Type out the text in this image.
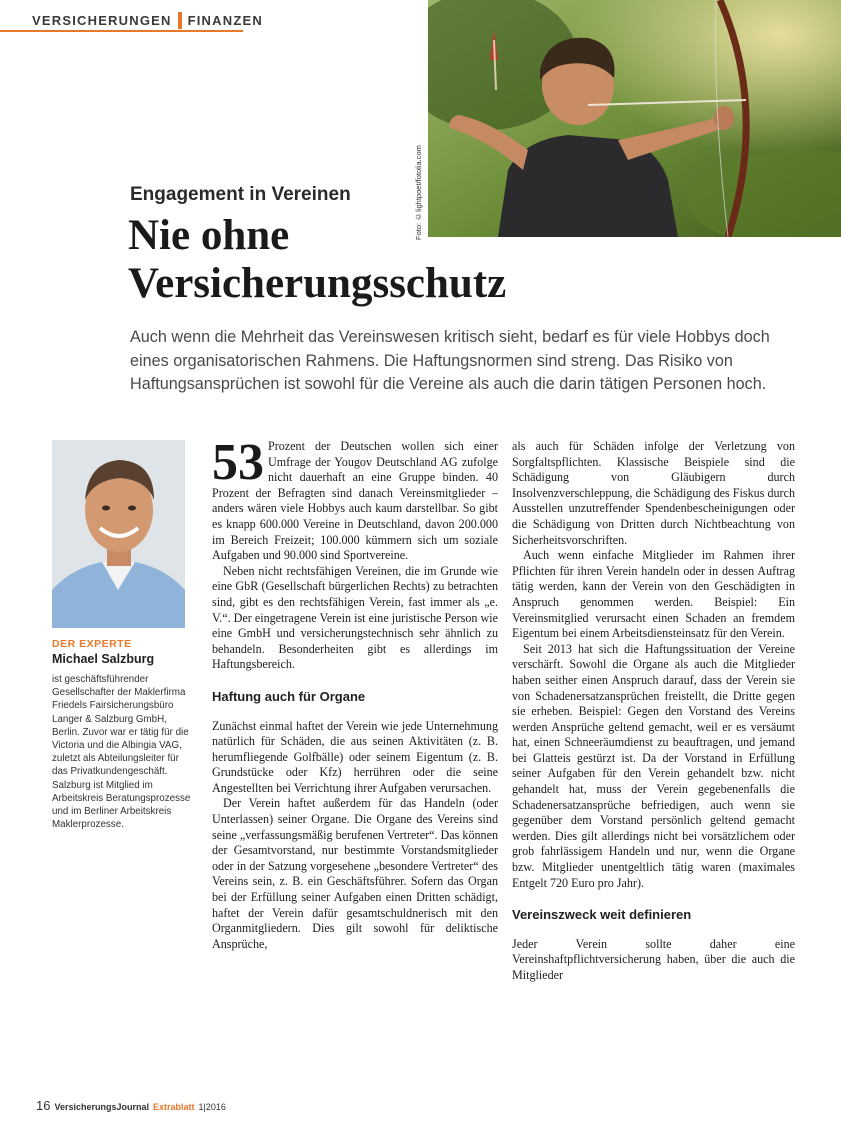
VERSICHERUNGEN FINANZEN
Foto: ©lightpoet/fotolia.com
Engagement in Vereinen
Nie ohne
Versicherungsschutz
Auch wenn die Mehrheit das Vereinswesen kritisch sieht, bedarf es für viele Hobbys doch eines organisatorischen Rahmens. Die Haftungsnormen sind streng. Das Risiko von Haftungsansprüchen ist sowohl für die Vereine als auch die darin tätigen Personen hoch.
DER EXPERTE
Michael Salzburg

ist geschäftsführender Gesellschafter der Maklerfirma Friedels Fairsicherungsbüro Langer & Salzburg GmbH, Berlin. Zuvor war er tätig für die Victoria und die Albingia VAG, zuletzt als Abteilungsleiter für das Privatkundengeschäft. Salzburg ist Mitglied im Arbeitskreis Beratungsprozesse und im Berliner Arbeitskreis Maklerprozesse.

53 Prozent der Deutschen wollen sich einer Umfrage der Yougov Deutschland AG zufolge nicht dauerhaft an eine Gruppe binden. 40 Prozent der Befragten sind danach Vereinsmitglieder – anders wären viele Hobbys auch kaum darstellbar. So gibt es knapp 600.000 Vereine in Deutschland, davon 200.000 im Bereich Freizeit; 100.000 kümmern sich um soziale Aufgaben und 90.000 sind Sportvereine.

Neben nicht rechtsfähigen Vereinen, die im Grunde wie eine GbR (Gesellschaft bürgerlichen Rechts) zu betrachten sind, gibt es den rechtsfähigen Verein, fast immer als „e. V.“. Der eingetragene Verein ist eine juristische Person wie eine GmbH und versicherungstechnisch sehr ähnlich zu behandeln. Besonderheiten gibt es allerdings im Haftungsbereich.

Haftung auch für Organe

Zunächst einmal haftet der Verein wie jede Unternehmung natürlich für Schäden, die aus seinen Aktivitäten (z. B. herumfliegende Golfbälle) oder seinem Eigentum (z. B. Grundstücke oder Kfz) herrühren oder die seine Angestellten bei Verrichtung ihrer Aufgaben verursachen.

Der Verein haftet außerdem für das Handeln (oder Unterlassen) seiner Organe. Die Organe des Vereins sind seine „verfassungsmäßig berufenen Vertreter“. Das können der Gesamtvorstand, nur bestimmte Vorstandsmitglieder oder in der Satzung vorgesehene „besondere Vertreter“ des Vereins sein, z. B. ein Geschäftsführer. Sofern das Organ bei der Erfüllung seiner Aufgaben einen Dritten schädigt, haftet der Verein dafür gesamtschuldnerisch mit den Organmitgliedern. Dies gilt sowohl für deliktische Ansprüche,

als auch für Schäden infolge der Verletzung von Sorgfaltspflichten. Klassische Beispiele sind die Schädigung von Gläubigern durch Insolvenzverschleppung, die Schädigung des Fiskus durch Ausstellen unzutreffender Spendenbescheinigungen oder die Schädigung von Dritten durch Nichtbeachtung von Sicherheitsvorschriften.

Auch wenn einfache Mitglieder im Rahmen ihrer Pflichten für ihren Verein handeln oder in dessen Auftrag tätig werden, kann der Verein von den Geschädigten in Anspruch genommen werden. Beispiel: Ein Vereinsmitglied verursacht einen Schaden an fremdem Eigentum bei einem Arbeitsdiensteinsatz für den Verein.

Seit 2013 hat sich die Haftungssituation der Vereine verschärft. Sowohl die Organe als auch die Mitglieder haben seither einen Anspruch darauf, dass der Verein sie von Schadenersatzansprüchen freistellt, die Dritte gegen sie erheben. Beispiel: Gegen den Vorstand des Vereins werden Ansprüche geltend gemacht, weil er es versäumt hat, einen Schneeräumdienst zu beauftragen, und jemand bei Glatteis gestürzt ist. Da der Vorstand in Erfüllung seiner Aufgaben für den Verein gehandelt bzw. nicht gehandelt hat, muss der Verein gegebenenfalls die Schadenersatzansprüche befriedigen, auch wenn sie gegenüber dem Vorstand persönlich geltend gemacht werden. Dies gilt allerdings nicht bei vorsätzlichem oder grob fahrlässigem Handeln und nur, wenn die Organe bzw. Mitglieder unentgeltlich tätig waren (maximales Entgelt 720 Euro pro Jahr).

Vereinszweck weit definieren

Jeder Verein sollte daher eine Vereinshaftpflichtversicherung haben, über die auch die Mitglieder

16 VersicherungsJournal Extrablatt 1|2016
